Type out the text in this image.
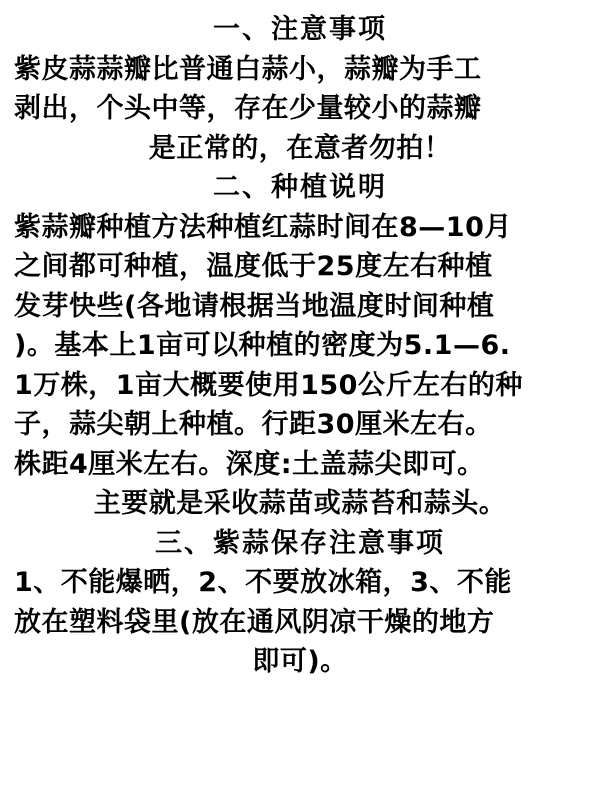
一、注意事项
紫皮蒜蒜瓣比普通白蒜小，蒜瓣为手工
剥出，个头中等，存在少量较小的蒜瓣
是正常的，在意者勿拍！
二、种植说明
紫蒜瓣种植方法种植红蒜时间在8—10月
之间都可种植，温度低于25度左右种植
发芽快些(各地请根据当地温度时间种植
)。基本上1亩可以种植的密度为5.1—6.
1万株，1亩大概要使用150公斤左右的种
子，蒜尖朝上种植。行距30厘米左右。
株距4厘米左右。深度:土盖蒜尖即可。
主要就是采收蒜苗或蒜苔和蒜头。
三、紫蒜保存注意事项
1、不能爆晒，2、不要放冰箱，3、不能
放在塑料袋里(放在通风阴凉干燥的地方
即可)。
